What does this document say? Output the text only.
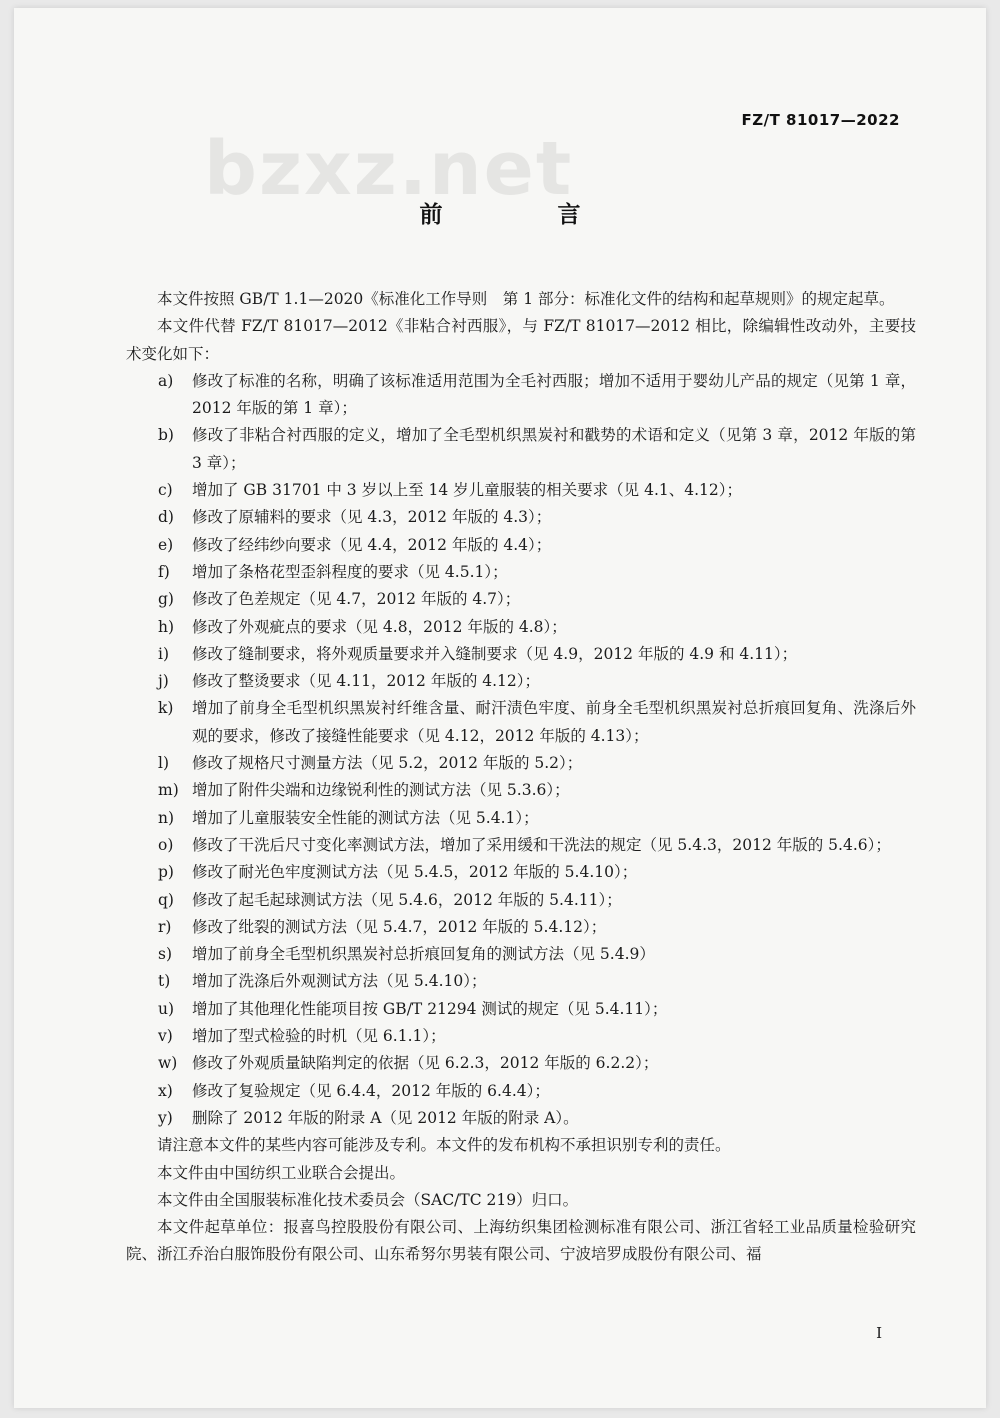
FZ/T 81017—2022
bzxz.net
前　言

本文件按照 GB/T 1.1—2020《标准化工作导则　第 1 部分：标准化文件的结构和起草规则》的规定起草。

本文件代替 FZ/T 81017—2012《非粘合衬西服》，与 FZ/T 81017—2012 相比，除编辑性改动外，主要技术变化如下：

a)	修改了标准的名称，明确了该标准适用范围为全毛衬西服；增加不适用于婴幼儿产品的规定（见第 1 章，2012 年版的第 1 章）；
b)	修改了非粘合衬西服的定义，增加了全毛型机织黑炭衬和戳势的术语和定义（见第 3 章，2012 年版的第 3 章）；
c)	增加了 GB 31701 中 3 岁以上至 14 岁儿童服装的相关要求（见 4.1、4.12）；
d)	修改了原辅料的要求（见 4.3，2012 年版的 4.3）；
e)	修改了经纬纱向要求（见 4.4，2012 年版的 4.4）；
f)	增加了条格花型歪斜程度的要求（见 4.5.1）；
g)	修改了色差规定（见 4.7，2012 年版的 4.7）；
h)	修改了外观疵点的要求（见 4.8，2012 年版的 4.8）；
i)	修改了缝制要求，将外观质量要求并入缝制要求（见 4.9，2012 年版的 4.9 和 4.11）；
j)	修改了整烫要求（见 4.11，2012 年版的 4.12）；
k)	增加了前身全毛型机织黑炭衬纤维含量、耐汗渍色牢度、前身全毛型机织黑炭衬总折痕回复角、洗涤后外观的要求，修改了接缝性能要求（见 4.12，2012 年版的 4.13）；
l)	修改了规格尺寸测量方法（见 5.2，2012 年版的 5.2）；
m) 增加了附件尖端和边缘锐利性的测试方法（见 5.3.6）；
n)	增加了儿童服装安全性能的测试方法（见 5.4.1）；
o)	修改了干洗后尺寸变化率测试方法，增加了采用缓和干洗法的规定（见 5.4.3，2012 年版的 5.4.6）；
p)	修改了耐光色牢度测试方法（见 5.4.5，2012 年版的 5.4.10）；
q)	修改了起毛起球测试方法（见 5.4.6，2012 年版的 5.4.11）；
r)	修改了纰裂的测试方法（见 5.4.7，2012 年版的 5.4.12）；
s)	增加了前身全毛型机织黑炭衬总折痕回复角的测试方法（见 5.4.9）
t)	增加了洗涤后外观测试方法（见 5.4.10）；
u)	增加了其他理化性能项目按 GB/T 21294 测试的规定（见 5.4.11）；
v)	增加了型式检验的时机（见 6.1.1）；
w) 修改了外观质量缺陷判定的依据（见 6.2.3，2012 年版的 6.2.2）；
x)	修改了复验规定（见 6.4.4，2012 年版的 6.4.4）；
y)	删除了 2012 年版的附录 A（见 2012 年版的附录 A）。

请注意本文件的某些内容可能涉及专利。本文件的发布机构不承担识别专利的责任。

本文件由中国纺织工业联合会提出。

本文件由全国服装标准化技术委员会（SAC/TC 219）归口。

本文件起草单位：报喜鸟控股股份有限公司、上海纺织集团检测标准有限公司、浙江省轻工业品质量检验研究院、浙江乔治白服饰股份有限公司、山东希努尔男装有限公司、宁波培罗成股份有限公司、福

I
